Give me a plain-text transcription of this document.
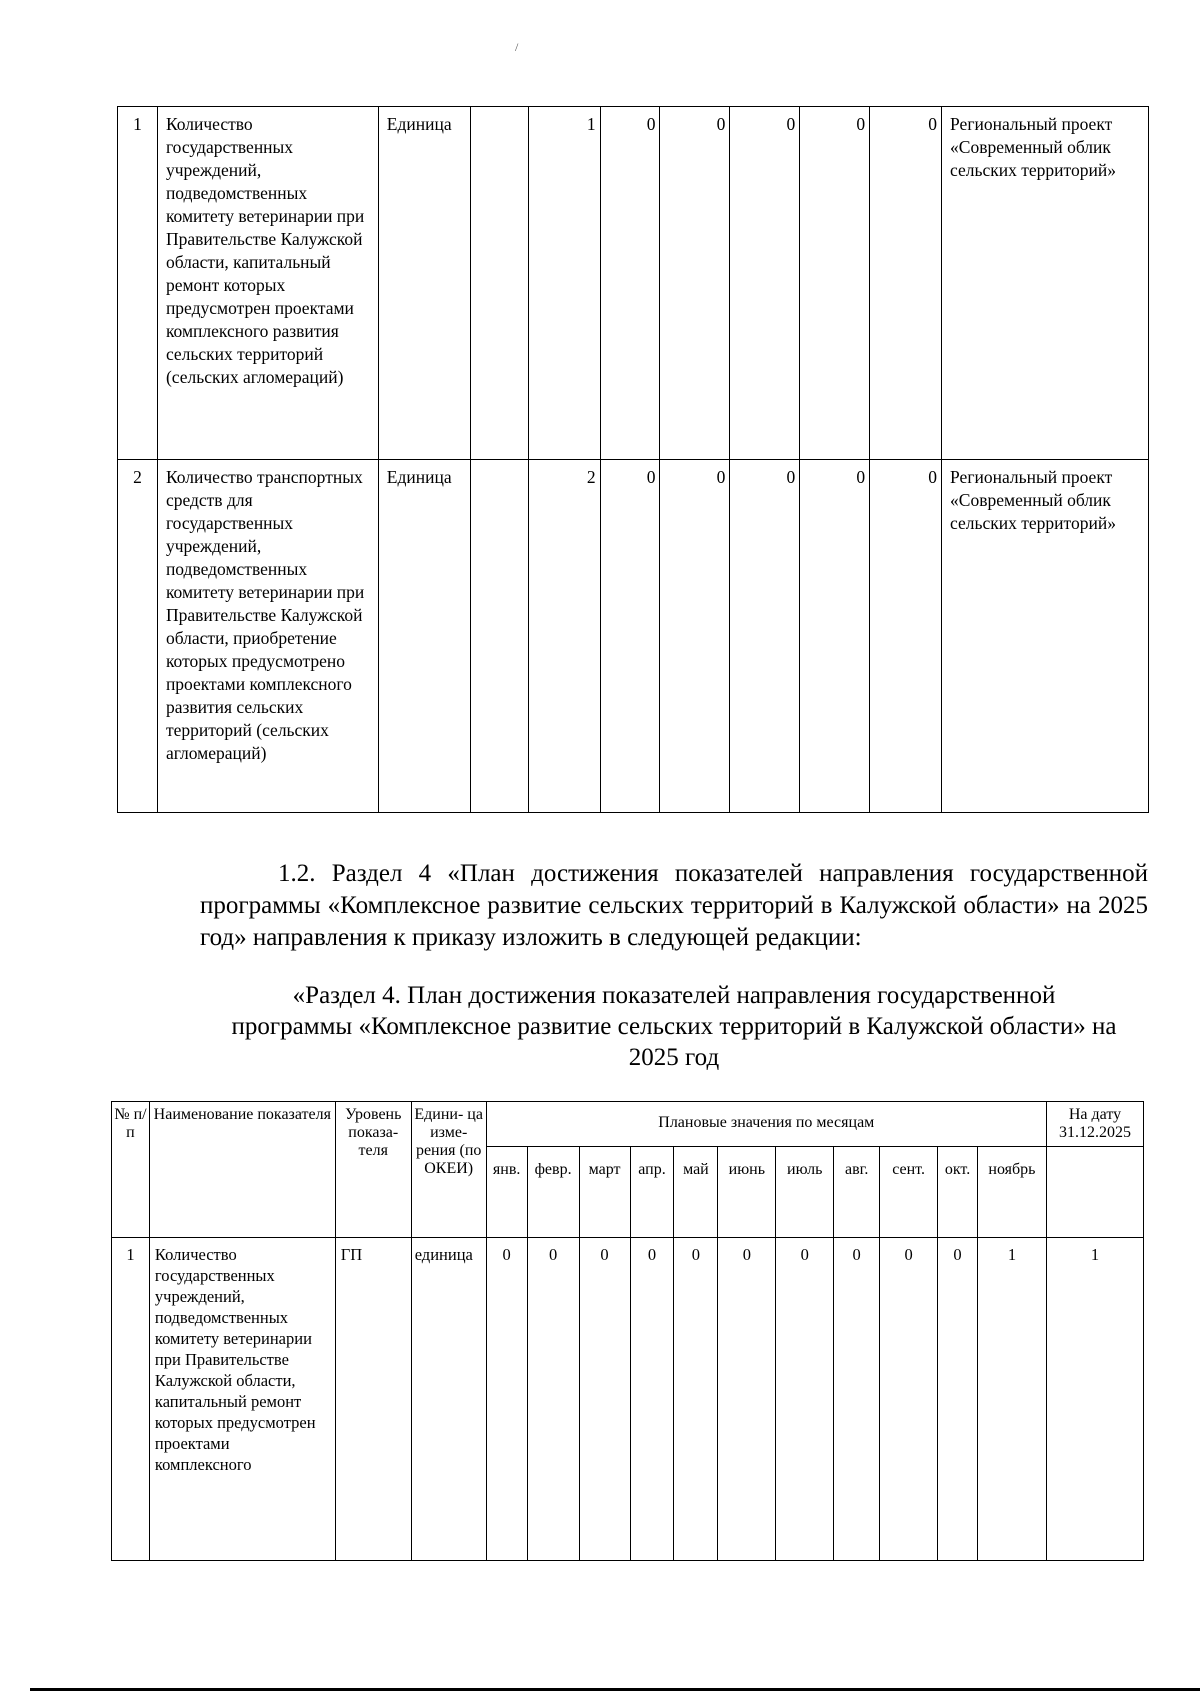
/
1	Количество государственных учреждений, подведомственных комитету ветеринарии при Правительстве Калужской области, капитальный ремонт которых предусмотрен проектами комплексного развития сельских территорий (сельских агломераций)	Единица		1	0	0	0	0	0	Региональный проект «Современный облик сельских территорий»
2	Количество транспортных средств для государственных учреждений, подведомственных комитету ветеринарии при Правительстве Калужской области, приобретение которых предусмотрено проектами комплексного развития сельских территорий (сельских агломераций)	Единица		2	0	0	0	0	0	Региональный проект «Современный облик сельских территорий»
1.2. Раздел 4 «План достижения показателей направления государственной программы «Комплексное развитие сельских территорий в Калужской области» на 2025 год» направления к приказу изложить в следующей редакции:
«Раздел 4. План достижения показателей направления государственной
программы «Комплексное развитие сельских территорий в Калужской области» на
2025 год
№ п/п	Наименование показателя	Уровень показа- теля	Едини- ца изме- рения (по ОКЕИ)	Плановые значения по месяцам											На дату 31.12.2025
				янв.	февр.	март	апр.	май	июнь	июль	авг.	сент.	окт.	ноябрь	
1	Количество государственных учреждений, подведомственных комитету ветеринарии при Правительстве Калужской области, капитальный ремонт которых предусмотрен проектами комплексного	ГП	единица	0	0	0	0	0	0	0	0	0	0	1	1
